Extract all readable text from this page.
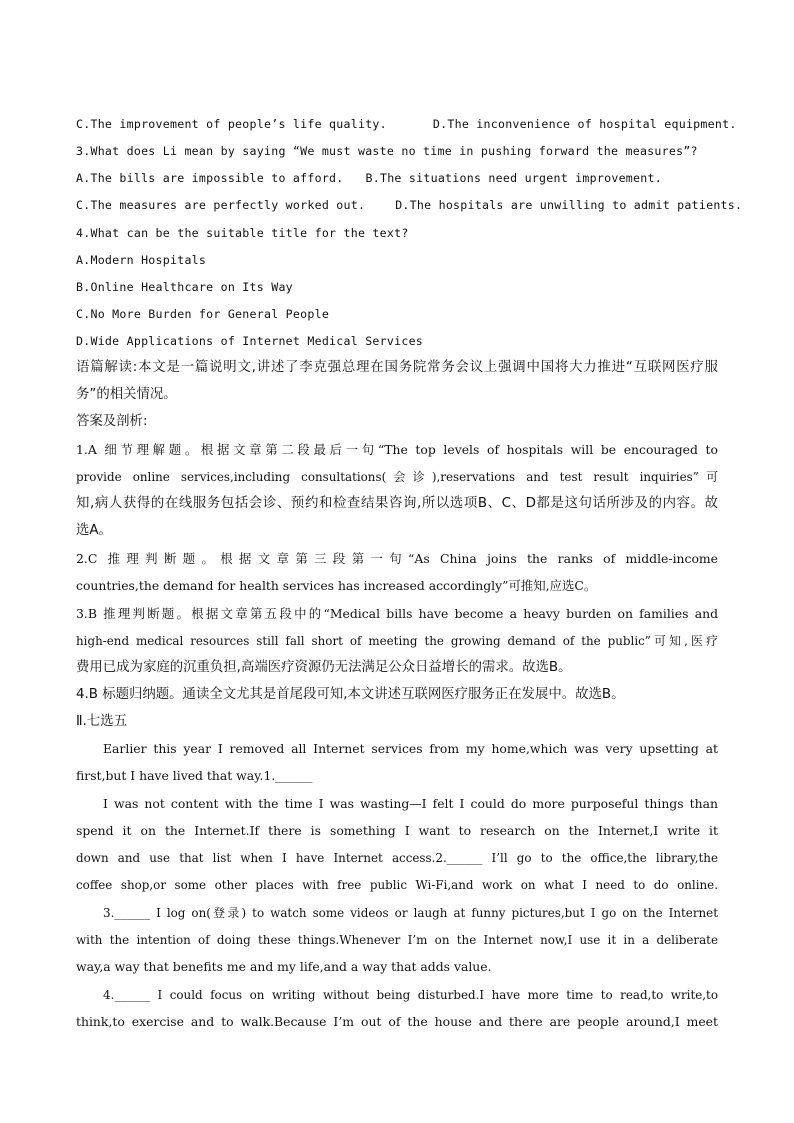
C.The improvement of people’s life quality.	D.The inconvenience of hospital equipment.
3.What does Li mean by saying “We must waste no time in pushing forward the measures”?
A.The bills are impossible to afford. B.The situations need urgent improvement.
C.The measures are perfectly worked out.	D.The hospitals are unwilling to admit patients.
4.What can be the suitable title for the text?
A.Modern Hospitals
B.Online Healthcare on Its Way
C.No More Burden for General People
D.Wide Applications of Internet Medical Services
语篇解读:本文是一篇说明文,讲述了李克强总理在国务院常务会议上强调中国将大力推进“互联网医疗服
务”的相关情况。
答案及剖析:
1.A 细节理解题。根据文章第二段最后一句“The top levels of hospitals will be encouraged to
provide online services,including consultations(会诊),reservations and test result inquiries”可
知,病人获得的在线服务包括会诊、预约和检查结果咨询,所以选项B、C、D都是这句话所涉及的内容。故
选A。
2.C 推理判断题。根据文章第三段第一句“As China joins the ranks of middle-income
countries,the demand for health services has increased accordingly”可推知,应选C。
3.B 推理判断题。根据文章第五段中的“Medical bills have become a heavy burden on families and
high-end medical resources still fall short of meeting the growing demand of the public”可知,医疗
费用已成为家庭的沉重负担,高端医疗资源仍无法满足公众日益增长的需求。故选B。
4.B 标题归纳题。通读全文尤其是首尾段可知,本文讲述互联网医疗服务正在发展中。故选B。
Ⅱ.七选五
Earlier this year I removed all Internet services from my home,which was very upsetting at
first,but I have lived that way.1.______
I was not content with the time I was wasting—I felt I could do more purposeful things than
spend it on the Internet.If there is something I want to research on the Internet,I write it
down and use that list when I have Internet access.2.______ I’ll go to the office,the library,the
coffee shop,or some other places with free public Wi-Fi,and work on what I need to do online.
3.______ I log on(登录) to watch some videos or laugh at funny pictures,but I go on the Internet
with the intention of doing these things.Whenever I’m on the Internet now,I use it in a deliberate
way,a way that benefits me and my life,and a way that adds value.
4.______ I could focus on writing without being disturbed.I have more time to read,to write,to
think,to exercise and to walk.Because I’m out of the house and there are people around,I meet
